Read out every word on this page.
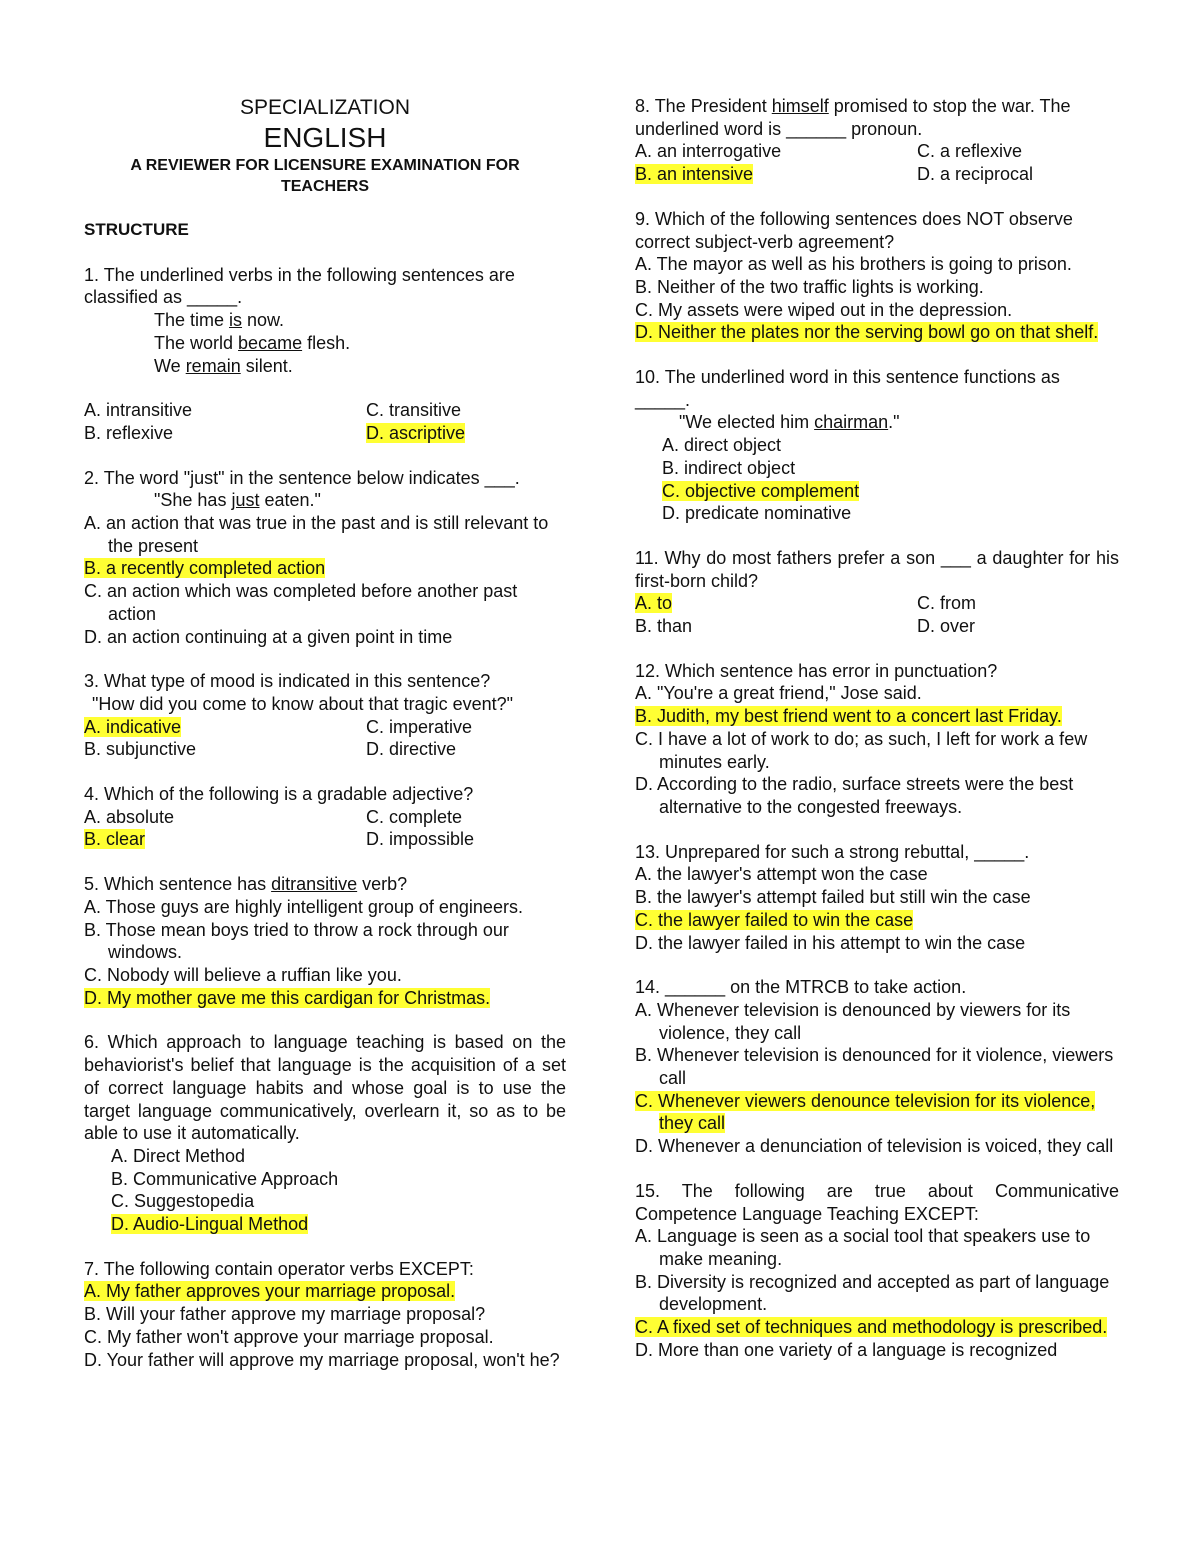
SPECIALIZATION
ENGLISH
A REVIEWER FOR LICENSURE EXAMINATION FOR
TEACHERS
STRUCTURE
1. The underlined verbs in the following sentences are classified as _____.
The time is now.
The world became flesh.
We remain silent.
A. intransitive	C. transitive
B. reflexive	D. ascriptive
2. The word "just" in the sentence below indicates ___.
"She has just eaten."
A. an action that was true in the past and is still relevant to the present
B. a recently completed action
C. an action which was completed before another past action
D. an action continuing at a given point in time
3. What type of mood is indicated in this sentence?
"How did you come to know about that tragic event?"
A. indicative	C. imperative
B. subjunctive	D. directive
4. Which of the following is a gradable adjective?
A. absolute	C. complete
B. clear	D. impossible
5. Which sentence has ditransitive verb?
A. Those guys are highly intelligent group of engineers.
B. Those mean boys tried to throw a rock through our windows.
C. Nobody will believe a ruffian like you.
D. My mother gave me this cardigan for Christmas.
6. Which approach to language teaching is based on the behaviorist's belief that language is the acquisition of a set of correct language habits and whose goal is to use the target language communicatively, overlearn it, so as to be able to use it automatically.
A. Direct Method
B. Communicative Approach
C. Suggestopedia
D. Audio-Lingual Method
7. The following contain operator verbs EXCEPT:
A. My father approves your marriage proposal.
B. Will your father approve my marriage proposal?
C. My father won't approve your marriage proposal.
D. Your father will approve my marriage proposal, won't he?
8. The President himself promised to stop the war. The underlined word is ______ pronoun.
A. an interrogative	C. a reflexive
B. an intensive	D. a reciprocal
9. Which of the following sentences does NOT observe correct subject-verb agreement?
A. The mayor as well as his brothers is going to prison.
B. Neither of the two traffic lights is working.
C. My assets were wiped out in the depression.
D. Neither the plates nor the serving bowl go on that shelf.
10. The underlined word in this sentence functions as _____.
"We elected him chairman."
A. direct object
B. indirect object
C. objective complement
D. predicate nominative
11. Why do most fathers prefer a son ___ a daughter for his first-born child?
A. to	C. from
B. than	D. over
12. Which sentence has error in punctuation?
A. "You're a great friend," Jose said.
B. Judith, my best friend went to a concert last Friday.
C. I have a lot of work to do; as such, I left for work a few minutes early.
D. According to the radio, surface streets were the best alternative to the congested freeways.
13. Unprepared for such a strong rebuttal, _____.
A. the lawyer's attempt won the case
B. the lawyer's attempt failed but still win the case
C. the lawyer failed to win the case
D. the lawyer failed in his attempt to win the case
14. ______ on the MTRCB to take action.
A. Whenever television is denounced by viewers for its violence, they call
B. Whenever television is denounced for it violence, viewers call
C. Whenever viewers denounce television for its violence, they call
D. Whenever a denunciation of television is voiced, they call
15. The following are true about Communicative Competence Language Teaching EXCEPT:
A. Language is seen as a social tool that speakers use to make meaning.
B. Diversity is recognized and accepted as part of language development.
C. A fixed set of techniques and methodology is prescribed.
D. More than one variety of a language is recognized
